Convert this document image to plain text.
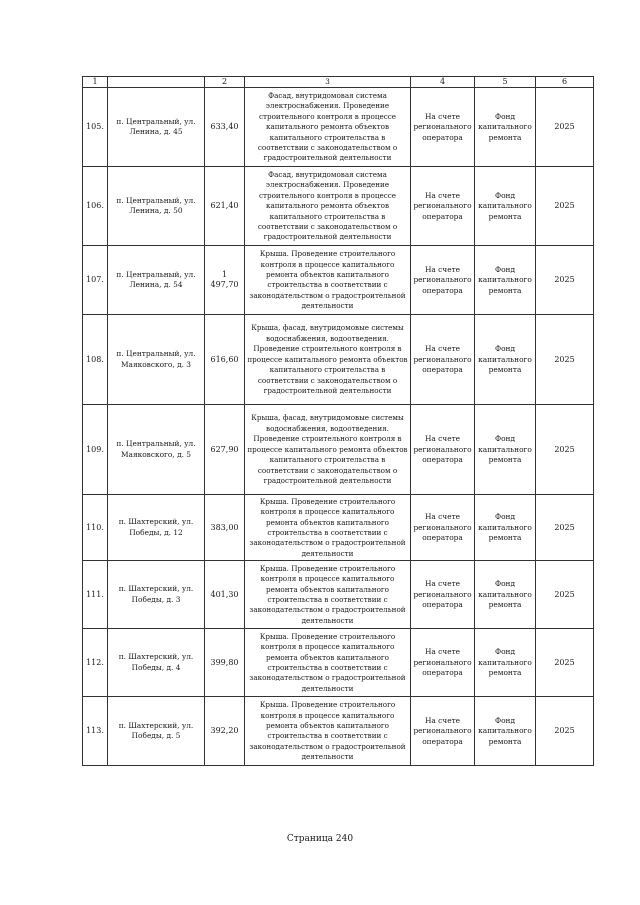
1		2	3	4	5	6
105.	п. Центральный, ул. Ленина, д. 45	633,40	Фасад, внутридомовая система электроснабжения. Проведение строительного контроля в процессе капитального ремонта объектов капитального строительства в соответствии с законодательством о градостроительной деятельности	На счете регионального оператора	Фонд капитального ремонта	2025
106.	п. Центральный, ул. Ленина, д. 50	621,40	Фасад, внутридомовая система электроснабжения. Проведение строительного контроля в процессе капитального ремонта объектов капитального строительства в соответствии с законодательством о градостроительной деятельности	На счете регионального оператора	Фонд капитального ремонта	2025
107.	п. Центральный, ул. Ленина, д. 54	1 497,70	Крыша. Проведение строительного контроля в процессе капитального ремонта объектов капитального строительства в соответствии с законодательством о градостроительной деятельности	На счете регионального оператора	Фонд капитального ремонта	2025
108.	п. Центральный, ул. Маяковского, д. 3	616,60	Крыша, фасад, внутридомовые системы водоснабжения, водоотведения. Проведение строительного контроля в процессе капитального ремонта объектов капитального строительства в соответствии с законодательством о градостроительной деятельности	На счете регионального оператора	Фонд капитального ремонта	2025
109.	п. Центральный, ул. Маяковского, д. 5	627,90	Крыша, фасад, внутридомовые системы водоснабжения, водоотведения. Проведение строительного контроля в процессе капитального ремонта объектов капитального строительства в соответствии с законодательством о градостроительной деятельности	На счете регионального оператора	Фонд капитального ремонта	2025
110.	п. Шахтерский, ул. Победы, д. 12	383,00	Крыша. Проведение строительного контроля в процессе капитального ремонта объектов капитального строительства в соответствии с законодательством о градостроительной деятельности	На счете регионального оператора	Фонд капитального ремонта	2025
111.	п. Шахтерский, ул. Победы, д. 3	401,30	Крыша. Проведение строительного контроля в процессе капитального ремонта объектов капитального строительства в соответствии с законодательством о градостроительной деятельности	На счете регионального оператора	Фонд капитального ремонта	2025
112.	п. Шахтерский, ул. Победы, д. 4	399,80	Крыша. Проведение строительного контроля в процессе капитального ремонта объектов капитального строительства в соответствии с законодательством о градостроительной деятельности	На счете регионального оператора	Фонд капитального ремонта	2025
113.	п. Шахтерский, ул. Победы, д. 5	392,20	Крыша. Проведение строительного контроля в процессе капитального ремонта объектов капитального строительства в соответствии с законодательством о градостроительной деятельности	На счете регионального оператора	Фонд капитального ремонта	2025
Страница 240
